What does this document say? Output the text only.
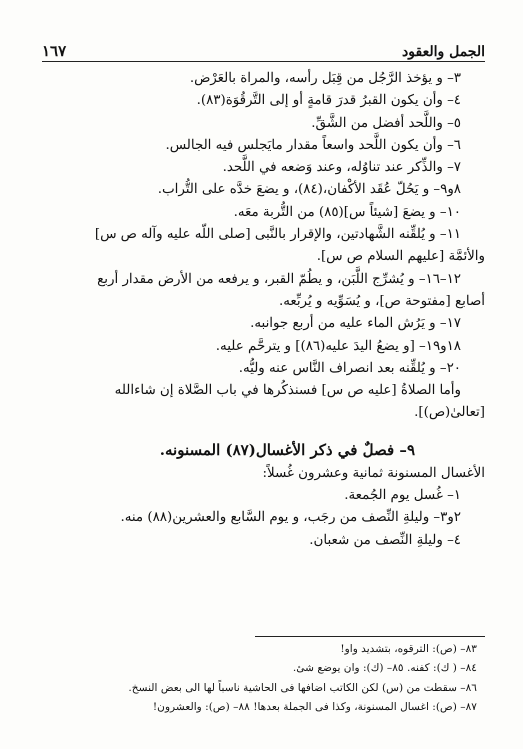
الجمل والعقود
١٦٧

٣– و يؤخذ الرَّجُل من قِبَل رأسه، والمراة بالعَرْض.

٤– وأن يكون القبرُ قدرَ قامةٍ أو إلى التَّرقُوَة(٨٣).

٥– واللَّحد أفضل من الشَّقِّ.

٦– وأن يكون اللَّحد واسعاً مقدار مايَجلس فيه الجالس.

٧– والذِّكر عند تناوُله، وعند وَضعه في اللَّحد.

٨و٩– و يَحُلّ عُقَد الأكْفان،(٨٤)، و يضعَ خدَّه على التُّراب.

١٠– و يضعَ [شيئاً س](٨٥) من التُّربة معَه.

١١– و يُلقِّنه الشَّهادتين، والإقرار بالنَّبى [صلى اللّه عليه وآله ص س]

والأئمَّة [عليهم السلام ص س].

١٢–١٦– و يُشرِّج اللَّبَن، و يطُمّ القبر، و يرفعه من الأرض مقدار أربع

أصابع [مفتوحة ص]، و يُسَوِّيه و يُربِّعه.

١٧– و يَرُش الماء عليه من أربع جوانبه.

١٨و١٩– [و يضعُ اليدَ عليه(٨٦)] و يترحَّم عليه.

٢٠– و يُلقِّنه بعد انصراف النَّاس عنه وليُّه.

وأما الصلاةُ [عليه ص س] فسنذكُرها في باب الصَّلاة إن شاءالله

[تعالىٰ(ص)].

٩– فصلٌ في ذكر الأغسال(٨٧) المسنونه.

الأغسال المسنونة ثمانية وعشرون غُسلاً:

١– غُسل يوم الجُمعة.

٢و٣– وليلةِ النِّصف من رجَب، و يوم السَّابع والعشرين(٨٨) منه.

٤– وليلةِ النِّصف من شعبان.

٨٣– (ص): الترقوه، بتشديد واو!

٨٤– ( ك): كفنه. ٨٥– (ك): وان يوضع شئ.

٨٦– سقطت من (س) لكن الكاتب اضافها فى الحاشية ناسباً لها الى بعض النسخ.

٨٧– (ص): اغسال المسنونة، وكذا فى الجملة بعدها! ٨٨– (ص): والعشرون!
